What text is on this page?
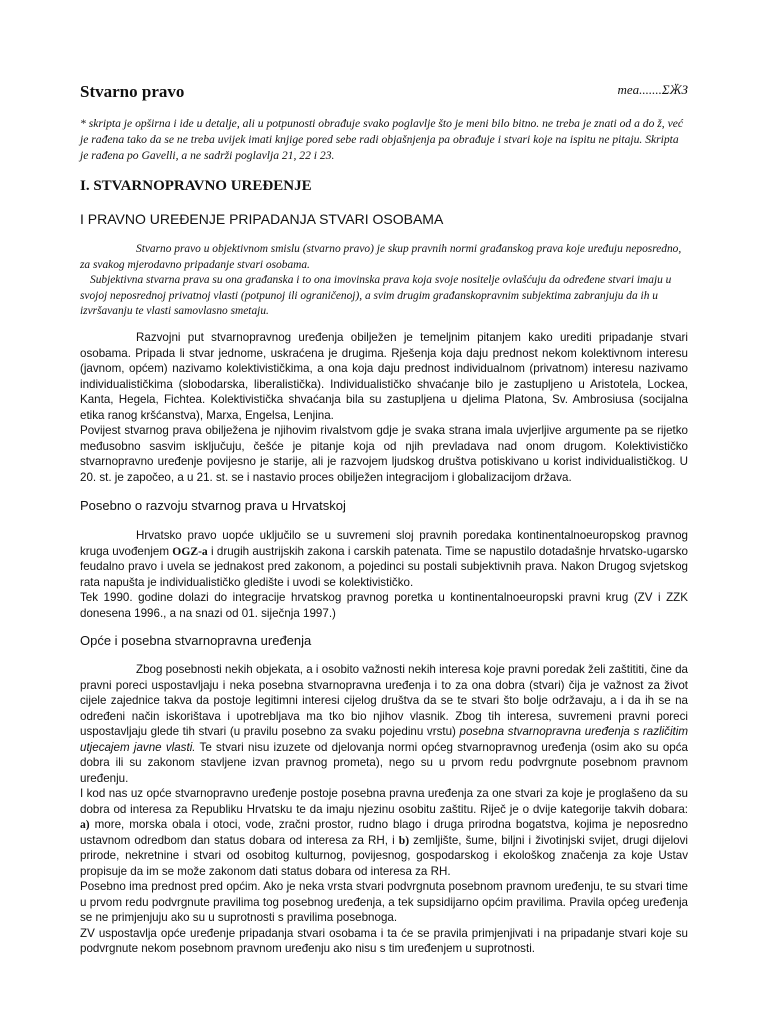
Stvarno pravo	mea.......ΣӜЗ
* skripta je opširna i ide u detalje, ali u potpunosti obrađuje svako poglavlje što je meni bilo bitno. ne treba je znati od a do ž, već je rađena tako da se ne treba uvijek imati knjige pored sebe radi objašnjenja pa obrađuje i stvari koje na ispitu ne pitaju. Skripta je rađena po Gavelli, a ne sadrži poglavlja 21, 22 i 23.
I. STVARNOPRAVNO UREĐENJE
I PRAVNO UREĐENJE PRIPADANJA STVARI OSOBAMA

Stvarno pravo u objektivnom smislu (stvarno pravo) je skup pravnih normi građanskog prava koje uređuju neposredno, za svakog mjerodavno pripadanje stvari osobama.

Subjektivna stvarna prava su ona građanska i to ona imovinska prava koja svoje nositelje ovlašćuju da određene stvari imaju u svojoj neposrednoj privatnoj vlasti (potpunoj ili ograničenoj), a svim drugim građanskopravnim subjektima zabranjuju da ih u izvršavanju te vlasti samovlasno smetaju.

Razvojni put stvarnopravnog uređenja obilježen je temeljnim pitanjem kako urediti pripadanje stvari osobama. Pripada li stvar jednome, uskraćena je drugima. Rješenja koja daju prednost nekom kolektivnom interesu (javnom, općem) nazivamo kolektivističkima, a ona koja daju prednost individualnom (privatnom) interesu nazivamo individualističkima (slobodarska, liberalistička). Individualističko shvaćanje bilo je zastupljeno u Aristotela, Lockea, Kanta, Hegela, Fichtea. Kolektivistička shvaćanja bila su zastupljena u djelima Platona, Sv. Ambrosiusa (socijalna etika ranog kršćanstva), Marxa, Engelsa, Lenjina.

Povijest stvarnog prava obilježena je njihovim rivalstvom gdje je svaka strana imala uvjerljive argumente pa se rijetko međusobno sasvim isključuju, češće je pitanje koja od njih prevladava nad onom drugom. Kolektivističko stvarnopravno uređenje povijesno je starije, ali je razvojem ljudskog društva potiskivano u korist individualističkog. U 20. st. je započeo, a u 21. st. se i nastavio proces obilježen integracijom i globalizacijom država.

Posebno o razvoju stvarnog prava u Hrvatskoj

Hrvatsko pravo uopće uključilo se u suvremeni sloj pravnih poredaka kontinentalnoeuropskog pravnog kruga uvođenjem OGZ-a i drugih austrijskih zakona i carskih patenata. Time se napustilo dotadašnje hrvatsko-ugarsko feudalno pravo i uvela se jednakost pred zakonom, a pojedinci su postali subjektivnih prava. Nakon Drugog svjetskog rata napušta je individualističko gledište i uvodi se kolektivističko.

Tek 1990. godine dolazi do integracije hrvatskog pravnog poretka u kontinentalnoeuropski pravni krug (ZV i ZZK donesena 1996., a na snazi od 01. siječnja 1997.)

Opće i posebna stvarnopravna uređenja

Zbog posebnosti nekih objekata, a i osobito važnosti nekih interesa koje pravni poredak želi zaštititi, čine da pravni poreci uspostavljaju i neka posebna stvarnopravna uređenja i to za ona dobra (stvari) čija je važnost za život cijele zajednice takva da postoje legitimni interesi cijelog društva da se te stvari što bolje održavaju, a i da ih se na određeni način iskorištava i upotrebljava ma tko bio njihov vlasnik. Zbog tih interesa, suvremeni pravni poreci uspostavljaju glede tih stvari (u pravilu posebno za svaku pojedinu vrstu) posebna stvarnopravna uređenja s različitim utjecajem javne vlasti. Te stvari nisu izuzete od djelovanja normi općeg stvarnopravnog uređenja (osim ako su opća dobra ili su zakonom stavljene izvan pravnog prometa), nego su u prvom redu podvrgnute posebnom pravnom uređenju.

I kod nas uz opće stvarnopravno uređenje postoje posebna pravna uređenja za one stvari za koje je proglašeno da su dobra od interesa za Republiku Hrvatsku te da imaju njezinu osobitu zaštitu. Riječ je o dvije kategorije takvih dobara: a) more, morska obala i otoci, vode, zračni prostor, rudno blago i druga prirodna bogatstva, kojima je neposredno ustavnom odredbom dan status dobara od interesa za RH, i b) zemljište, šume, biljni i životinjski svijet, drugi dijelovi prirode, nekretnine i stvari od osobitog kulturnog, povijesnog, gospodarskog i ekološkog značenja za koje Ustav propisuje da im se može zakonom dati status dobara od interesa za RH.

Posebno ima prednost pred općim. Ako je neka vrsta stvari podvrgnuta posebnom pravnom uređenju, te su stvari time u prvom redu podvrgnute pravilima tog posebnog uređenja, a tek supsidijarno općim pravilima. Pravila općeg uređenja se ne primjenjuju ako su u suprotnosti s pravilima posebnoga.

ZV uspostavlja opće uređenje pripadanja stvari osobama i ta će se pravila primjenjivati i na pripadanje stvari koje su podvrgnute nekom posebnom pravnom uređenju ako nisu s tim uređenjem u suprotnosti.
